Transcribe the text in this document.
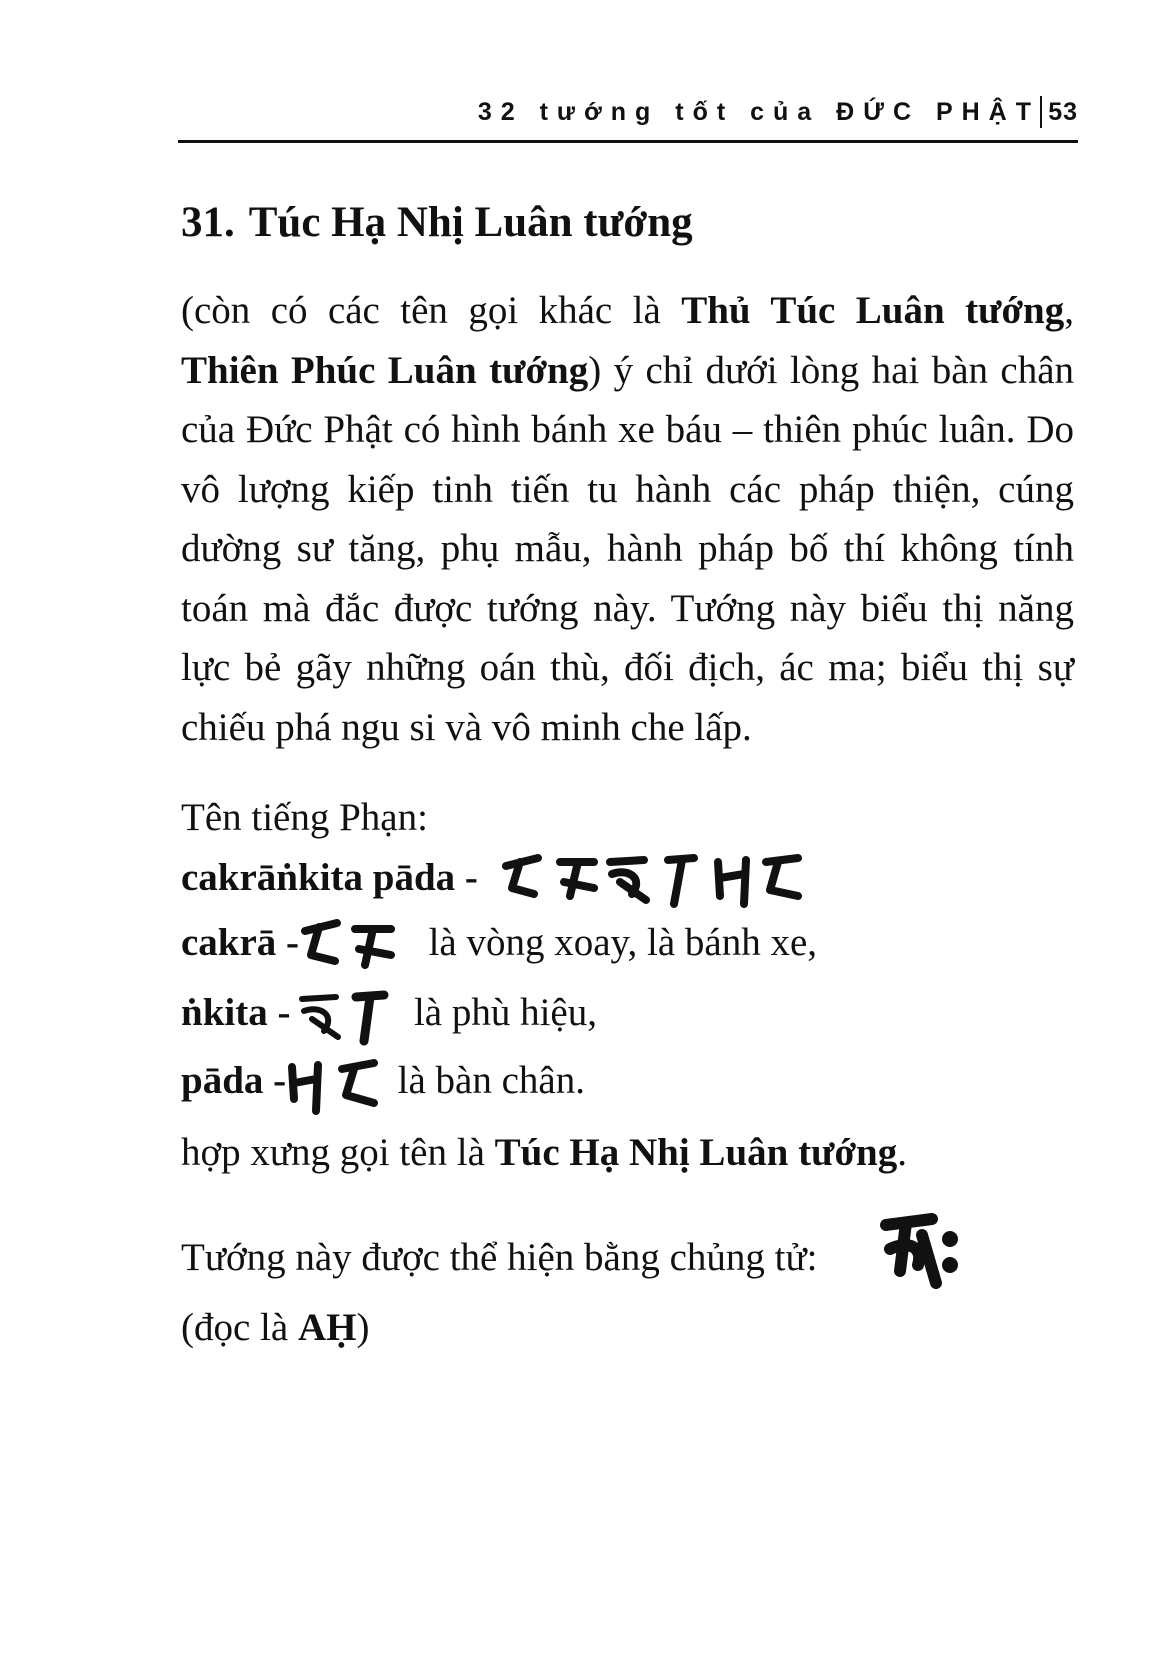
32 tướng tốt của ĐỨC PHẬT 53
31. Túc Hạ Nhị Luân tướng

(còn có các tên gọi khác là Thủ Túc Luân tướng, Thiên Phúc Luân tướng) ý chỉ dưới lòng hai bàn chân của Đức Phật có hình bánh xe báu – thiên phúc luân. Do vô lượng kiếp tinh tiến tu hành các pháp thiện, cúng dường sư tăng, phụ mẫu, hành pháp bố thí không tính toán mà đắc được tướng này. Tướng này biểu thị năng lực bẻ gãy những oán thù, đối địch, ác ma; biểu thị sự chiếu phá ngu si và vô minh che lấp.

Tên tiếng Phạn:
cakrāṅkita pāda -
cakrā -	là vòng xoay, là bánh xe,
ṅkita -	là phù hiệu,
pāda -	là bàn chân.
hợp xưng gọi tên là Túc Hạ Nhị Luân tướng.
Tướng này được thể hiện bằng chủng tử:
(đọc là AḤ)
